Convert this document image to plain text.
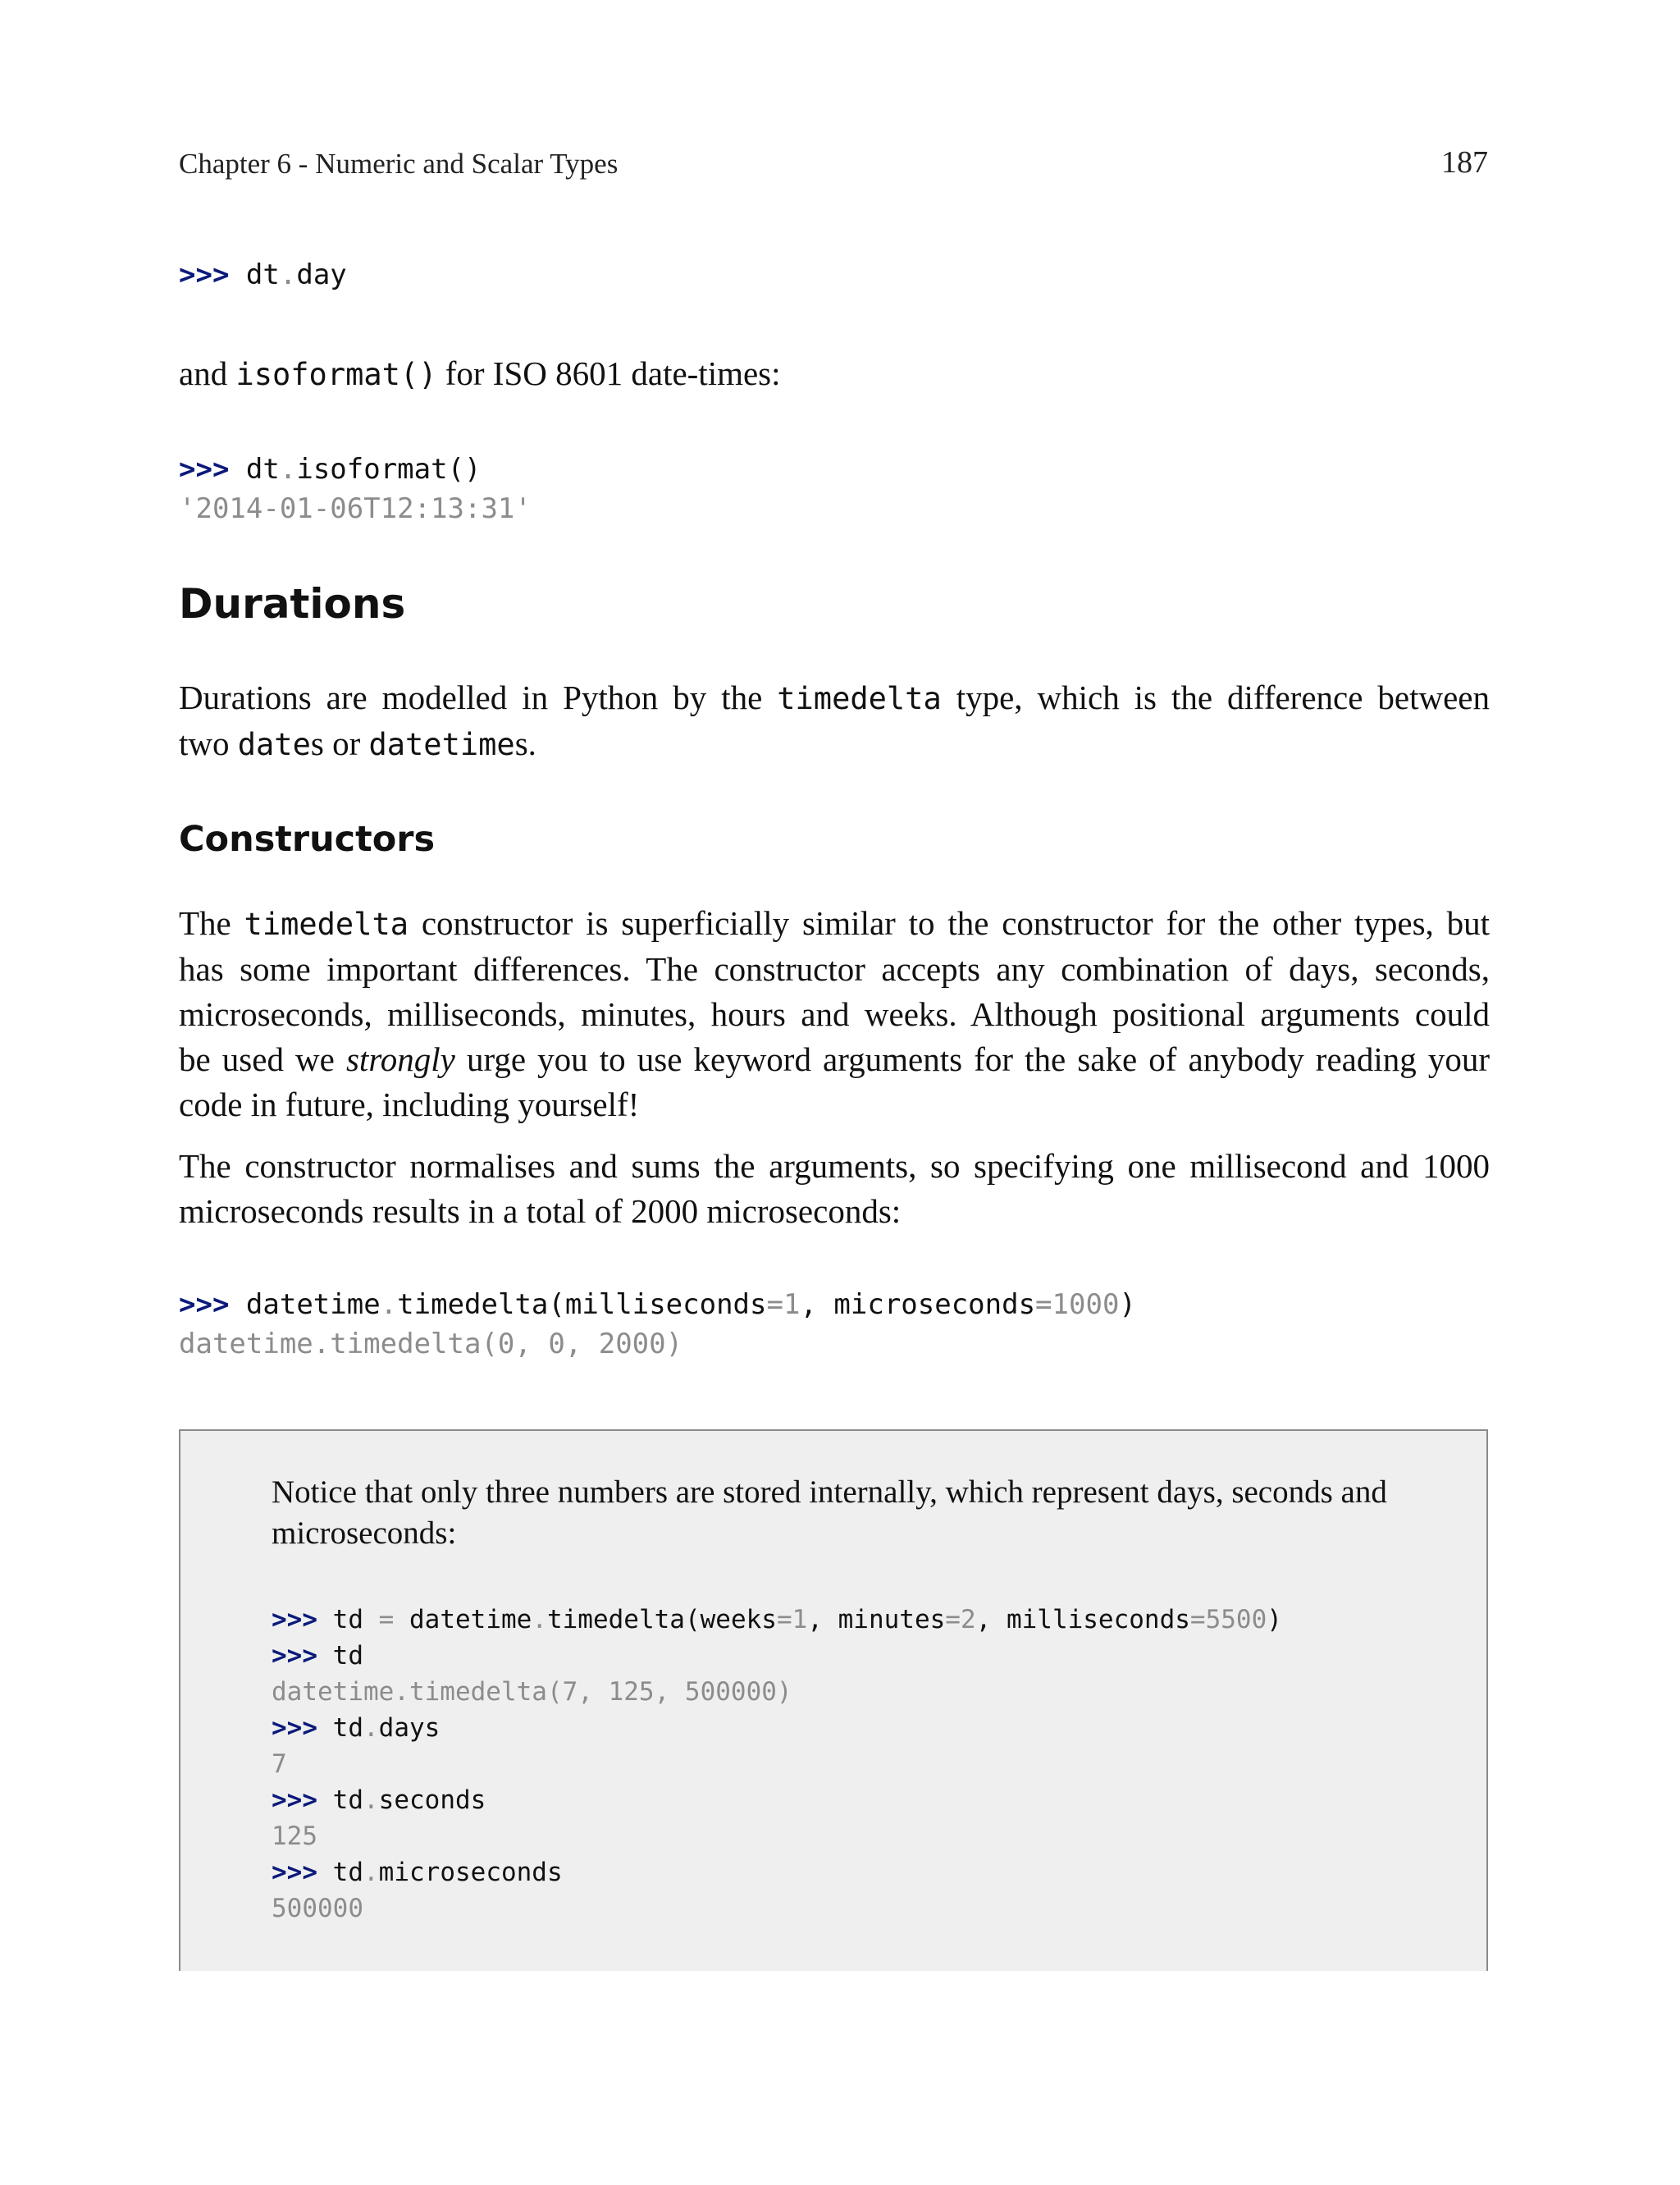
Chapter 6 - Numeric and Scalar Types	187
>>> dt.day
and isoformat() for ISO 8601 date-times:
>>> dt.isoformat()
'2014-01-06T12:13:31'
Durations
Durations are modelled in Python by the timedelta type, which is the difference between
two dates or datetimes.
Constructors
The timedelta constructor is superficially similar to the constructor for the other types, but
has some important differences. The constructor accepts any combination of days, seconds,
microseconds, milliseconds, minutes, hours and weeks. Although positional arguments could
be used we strongly urge you to use keyword arguments for the sake of anybody reading your
code in future, including yourself!
The constructor normalises and sums the arguments, so specifying one millisecond and 1000
microseconds results in a total of 2000 microseconds:
>>> datetime.timedelta(milliseconds=1, microseconds=1000)
datetime.timedelta(0, 0, 2000)
Notice that only three numbers are stored internally, which represent days, seconds and
microseconds:
>>> td = datetime.timedelta(weeks=1, minutes=2, milliseconds=5500)
>>> td
datetime.timedelta(7, 125, 500000)
>>> td.days
7
>>> td.seconds
125
>>> td.microseconds
500000
